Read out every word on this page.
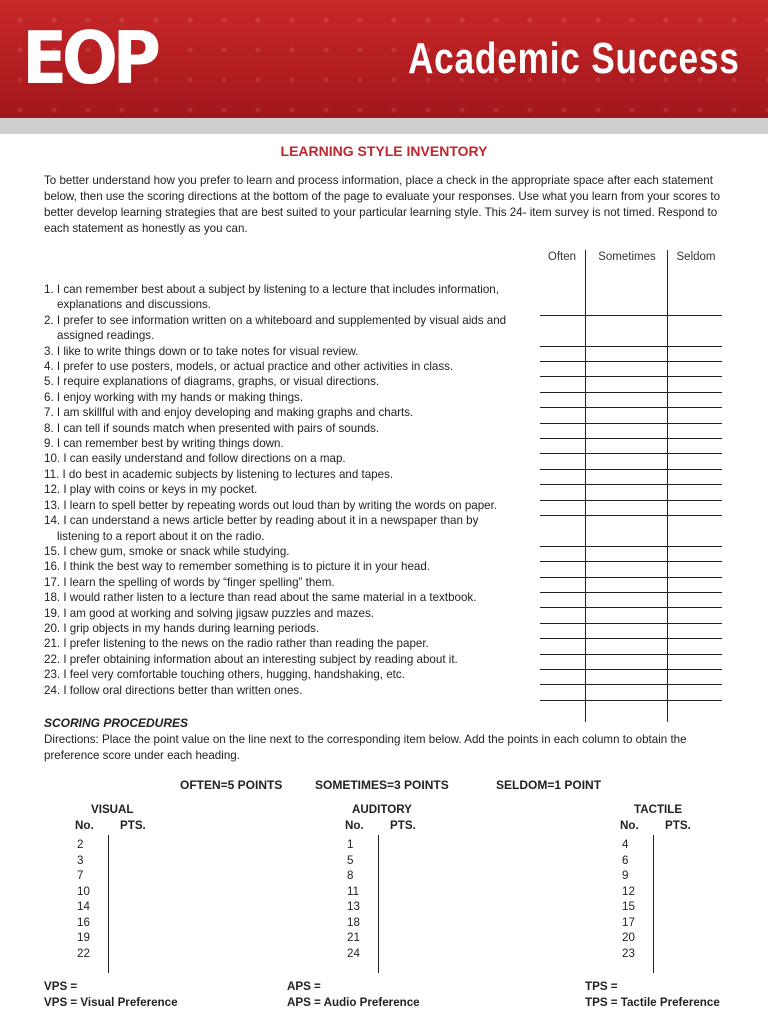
EOP	Academic Success
LEARNING STYLE INVENTORY
To better understand how you prefer to learn and process information, place a check in the appropriate space after each statement below, then use the scoring directions at the bottom of the page to evaluate your responses. Use what you learn from your scores to better develop learning strategies that are best suited to your particular learning style. This 24- item survey is not timed. Respond to each statement as honestly as you can.
Often	Sometimes	Seldom
1. I can remember best about a subject by listening to a lecture that includes information,
explanations and discussions.
2. I prefer to see information written on a whiteboard and supplemented by visual aids and
assigned readings.
3. I like to write things down or to take notes for visual review.
4. I prefer to use posters, models, or actual practice and other activities in class.
5. I require explanations of diagrams, graphs, or visual directions.
6. I enjoy working with my hands or making things.
7. I am skillful with and enjoy developing and making graphs and charts.
8. I can tell if sounds match when presented with pairs of sounds.
9. I can remember best by writing things down.
10. I can easily understand and follow directions on a map.
11. I do best in academic subjects by listening to lectures and tapes.
12. I play with coins or keys in my pocket.
13. I learn to spell better by repeating words out loud than by writing the words on paper.
14. I can understand a news article better by reading about it in a newspaper than by
listening to a report about it on the radio.
15. I chew gum, smoke or snack while studying.
16. I think the best way to remember something is to picture it in your head.
17. I learn the spelling of words by “finger spelling” them.
18. I would rather listen to a lecture than read about the same material in a textbook.
19. I am good at working and solving jigsaw puzzles and mazes.
20. I grip objects in my hands during learning periods.
21. I prefer listening to the news on the radio rather than reading the paper.
22. I prefer obtaining information about an interesting subject by reading about it.
23. I feel very comfortable touching others, hugging, handshaking, etc.
24. I follow oral directions better than written ones.
SCORING PROCEDURES
Directions: Place the point value on the line next to the corresponding item below. Add the points in each column to obtain the preference score under each heading.
OFTEN=5 POINTS	SOMETIMES=3 POINTS	SELDOM=1 POINT
VISUAL
No. PTS.
2
3
7
10
14
16
19
22
AUDITORY
No. PTS.
1
5
8
11
13
18
21
24
TACTILE
No. PTS.
4
6
9
12
15
17
20
23
VPS =
VPS = Visual Preference
APS =
APS = Audio Preference
TPS =
TPS = Tactile Preference
